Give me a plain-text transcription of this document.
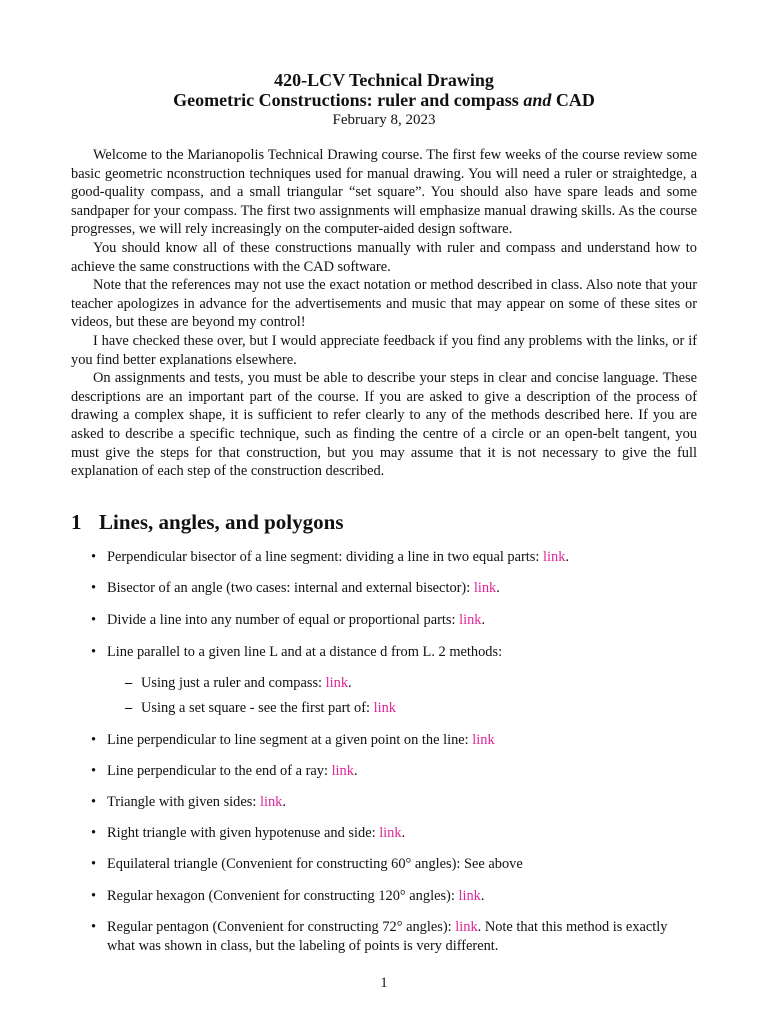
420-LCV Technical Drawing
Geometric Constructions: ruler and compass and CAD
February 8, 2023

Welcome to the Marianopolis Technical Drawing course. The first few weeks of the course review some basic geometric nconstruction techniques used for manual drawing. You will need a ruler or straightedge, a good-quality compass, and a small triangular “set square”. You should also have spare leads and some sandpaper for your compass. The first two assignments will emphasize manual drawing skills. As the course progresses, we will rely increasingly on the computer-aided design software.

You should know all of these constructions manually with ruler and compass and understand how to achieve the same constructions with the CAD software.

Note that the references may not use the exact notation or method described in class. Also note that your teacher apologizes in advance for the advertisements and music that may appear on some of these sites or videos, but these are beyond my control!

I have checked these over, but I would appreciate feedback if you find any problems with the links, or if you find better explanations elsewhere.

On assignments and tests, you must be able to describe your steps in clear and concise language. These descriptions are an important part of the course. If you are asked to give a description of the process of drawing a complex shape, it is sufficient to refer clearly to any of the methods described here. If you are asked to describe a specific technique, such as finding the centre of a circle or an open-belt tangent, you must give the steps for that construction, but you may assume that it is not necessary to give the full explanation of each step of the construction described.

1 Lines, angles, and polygons
• Perpendicular bisector of a line segment: dividing a line in two equal parts: link.
• Bisector of an angle (two cases: internal and external bisector): link.
• Divide a line into any number of equal or proportional parts: link.
• Line parallel to a given line L and at a distance d from L. 2 methods:
– Using just a ruler and compass: link.
– Using a set square - see the first part of: link
• Line perpendicular to line segment at a given point on the line: link
• Line perpendicular to the end of a ray: link.
• Triangle with given sides: link.
• Right triangle with given hypotenuse and side: link.
• Equilateral triangle (Convenient for constructing 60° angles): See above
• Regular hexagon (Convenient for constructing 120° angles): link.
• Regular pentagon (Convenient for constructing 72° angles): link. Note that this method is exactly what was shown in class, but the labeling of points is very different.
1
